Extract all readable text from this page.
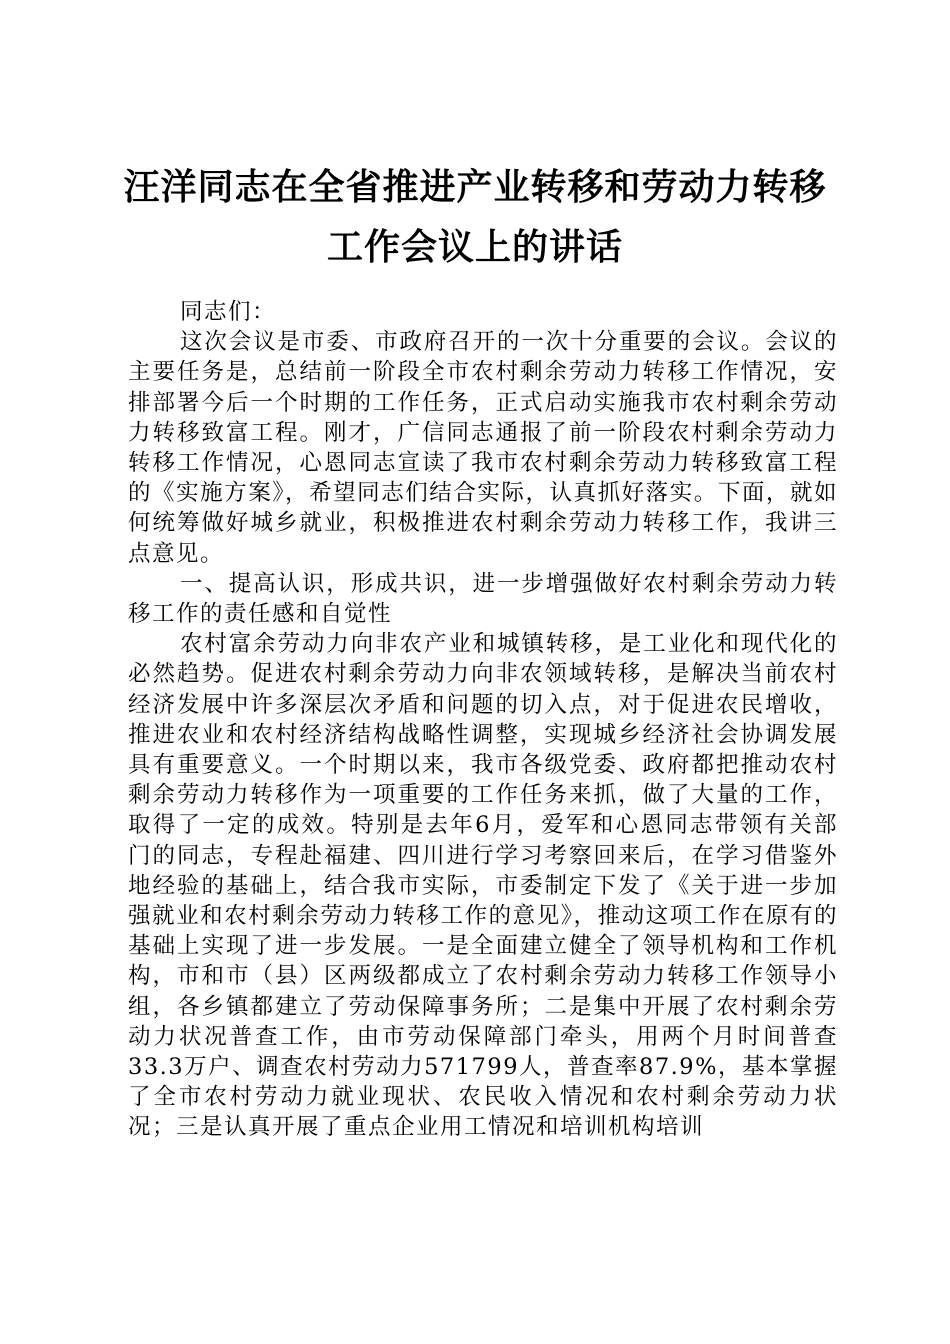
汪洋同志在全省推进产业转移和劳动力转移工作会议上的讲话

同志们：

这次会议是市委、市政府召开的一次十分重要的会议。会议的主要任务是，总结前一阶段全市农村剩余劳动力转移工作情况，安排部署今后一个时期的工作任务，正式启动实施我市农村剩余劳动力转移致富工程。刚才，广信同志通报了前一阶段农村剩余劳动力转移工作情况，心恩同志宣读了我市农村剩余劳动力转移致富工程的《实施方案》，希望同志们结合实际，认真抓好落实。下面，就如何统筹做好城乡就业，积极推进农村剩余劳动力转移工作，我讲三点意见。

一、提高认识，形成共识，进一步增强做好农村剩余劳动力转移工作的责任感和自觉性

农村富余劳动力向非农产业和城镇转移，是工业化和现代化的必然趋势。促进农村剩余劳动力向非农领域转移，是解决当前农村经济发展中许多深层次矛盾和问题的切入点，对于促进农民增收，推进农业和农村经济结构战略性调整，实现城乡经济社会协调发展具有重要意义。一个时期以来，我市各级党委、政府都把推动农村剩余劳动力转移作为一项重要的工作任务来抓，做了大量的工作，取得了一定的成效。特别是去年6月，爱军和心恩同志带领有关部门的同志，专程赴福建、四川进行学习考察回来后，在学习借鉴外地经验的基础上，结合我市实际，市委制定下发了《关于进一步加强就业和农村剩余劳动力转移工作的意见》，推动这项工作在原有的基础上实现了进一步发展。一是全面建立健全了领导机构和工作机构，市和市（县）区两级都成立了农村剩余劳动力转移工作领导小组，各乡镇都建立了劳动保障事务所；二是集中开展了农村剩余劳动力状况普查工作，由市劳动保障部门牵头，用两个月时间普查33.3万户、调查农村劳动力571799人，普查率87.9%，基本掌握了全市农村劳动力就业现状、农民收入情况和农村剩余劳动力状况；三是认真开展了重点企业用工情况和培训机构培训
